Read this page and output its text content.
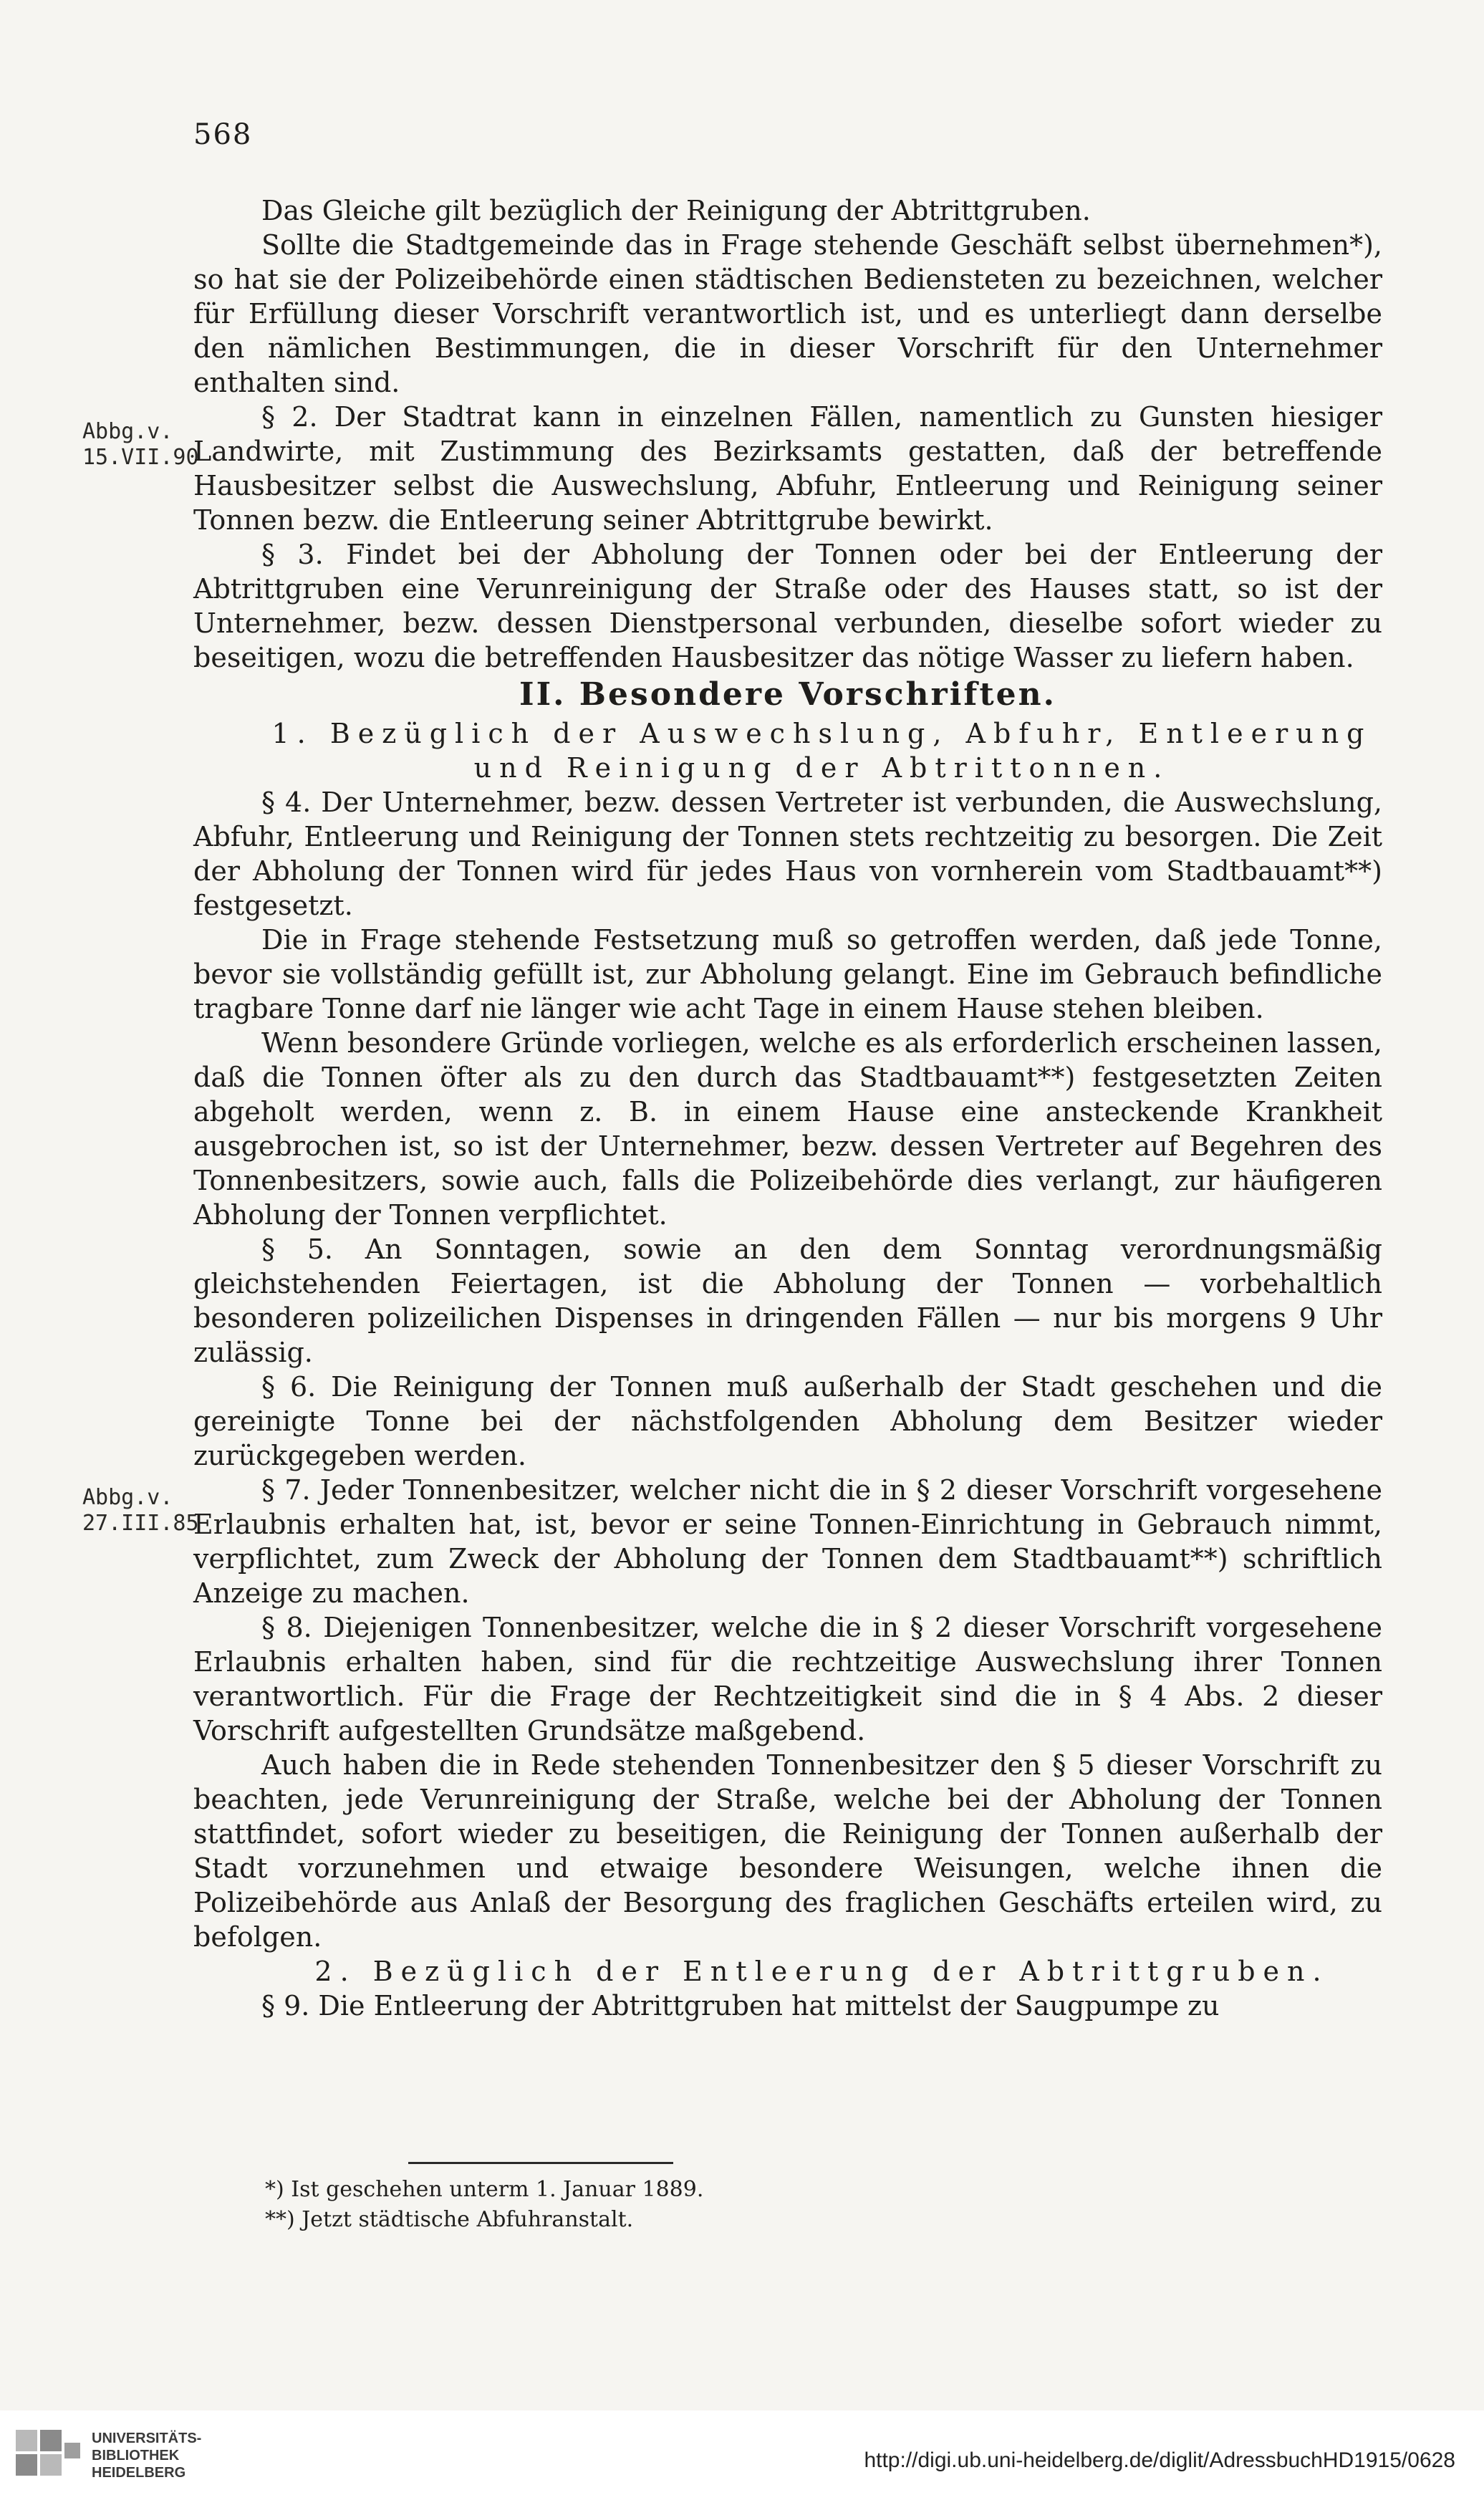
568
Abbg.v.
15.VII.90
Abbg.v.
27.III.85

Das Gleiche gilt bezüglich der Reinigung der Abtrittgruben.

Sollte die Stadtgemeinde das in Frage stehende Geschäft selbst übernehmen*), so hat sie der Polizeibehörde einen städtischen Bediensteten zu bezeichnen, welcher für Erfüllung dieser Vorschrift verantwortlich ist, und es unterliegt dann derselbe den nämlichen Bestimmungen, die in dieser Vorschrift für den Unternehmer enthalten sind.

§ 2. Der Stadtrat kann in einzelnen Fällen, namentlich zu Gunsten hiesiger Landwirte, mit Zustimmung des Bezirksamts gestatten, daß der betreffende Hausbesitzer selbst die Auswechslung, Abfuhr, Entleerung und Reinigung seiner Tonnen bezw. die Entleerung seiner Abtrittgrube bewirkt.

§ 3. Findet bei der Abholung der Tonnen oder bei der Entleerung der Abtrittgruben eine Verunreinigung der Straße oder des Hauses statt, so ist der Unternehmer, bezw. dessen Dienstpersonal verbunden, dieselbe sofort wieder zu beseitigen, wozu die betreffenden Hausbesitzer das nötige Wasser zu liefern haben.

II. Besondere Vorschriften.

1. Bezüglich der Auswechslung, Abfuhr, Entleerung

und Reinigung der Abtrittonnen.

§ 4. Der Unternehmer, bezw. dessen Vertreter ist verbunden, die Auswechslung, Abfuhr, Entleerung und Reinigung der Tonnen stets rechtzeitig zu besorgen. Die Zeit der Abholung der Tonnen wird für jedes Haus von vornherein vom Stadtbauamt**) festgesetzt.

Die in Frage stehende Festsetzung muß so getroffen werden, daß jede Tonne, bevor sie vollständig gefüllt ist, zur Abholung gelangt. Eine im Gebrauch befindliche tragbare Tonne darf nie länger wie acht Tage in einem Hause stehen bleiben.

Wenn besondere Gründe vorliegen, welche es als erforderlich erscheinen lassen, daß die Tonnen öfter als zu den durch das Stadtbauamt**) festgesetzten Zeiten abgeholt werden, wenn z. B. in einem Hause eine ansteckende Krankheit ausgebrochen ist, so ist der Unternehmer, bezw. dessen Vertreter auf Begehren des Tonnenbesitzers, sowie auch, falls die Polizeibehörde dies verlangt, zur häufigeren Abholung der Tonnen verpflichtet.

§ 5. An Sonntagen, sowie an den dem Sonntag verordnungsmäßig gleichstehenden Feiertagen, ist die Abholung der Tonnen — vorbehaltlich besonderen polizeilichen Dispenses in dringenden Fällen — nur bis morgens 9 Uhr zulässig.

§ 6. Die Reinigung der Tonnen muß außerhalb der Stadt geschehen und die gereinigte Tonne bei der nächstfolgenden Abholung dem Besitzer wieder zurückgegeben werden.

§ 7. Jeder Tonnenbesitzer, welcher nicht die in § 2 dieser Vorschrift vorgesehene Erlaubnis erhalten hat, ist, bevor er seine Tonnen-Einrichtung in Gebrauch nimmt, verpflichtet, zum Zweck der Abholung der Tonnen dem Stadtbauamt**) schriftlich Anzeige zu machen.

§ 8. Diejenigen Tonnenbesitzer, welche die in § 2 dieser Vorschrift vorgesehene Erlaubnis erhalten haben, sind für die rechtzeitige Auswechslung ihrer Tonnen verantwortlich. Für die Frage der Rechtzeitigkeit sind die in § 4 Abs. 2 dieser Vorschrift aufgestellten Grundsätze maßgebend.

Auch haben die in Rede stehenden Tonnenbesitzer den § 5 dieser Vorschrift zu beachten, jede Verunreinigung der Straße, welche bei der Abholung der Tonnen stattfindet, sofort wieder zu beseitigen, die Reinigung der Tonnen außerhalb der Stadt vorzunehmen und etwaige besondere Weisungen, welche ihnen die Polizeibehörde aus Anlaß der Besorgung des fraglichen Geschäfts erteilen wird, zu befolgen.

2. Bezüglich der Entleerung der Abtrittgruben.

§ 9. Die Entleerung der Abtrittgruben hat mittelst der Saugpumpe zu

*) Ist geschehen unterm 1. Januar 1889.
**) Jetzt städtische Abfuhranstalt.
UNIVERSITÄTS-
BIBLIOTHEK
HEIDELBERG
http://digi.ub.uni-heidelberg.de/diglit/AdressbuchHD1915/0628
